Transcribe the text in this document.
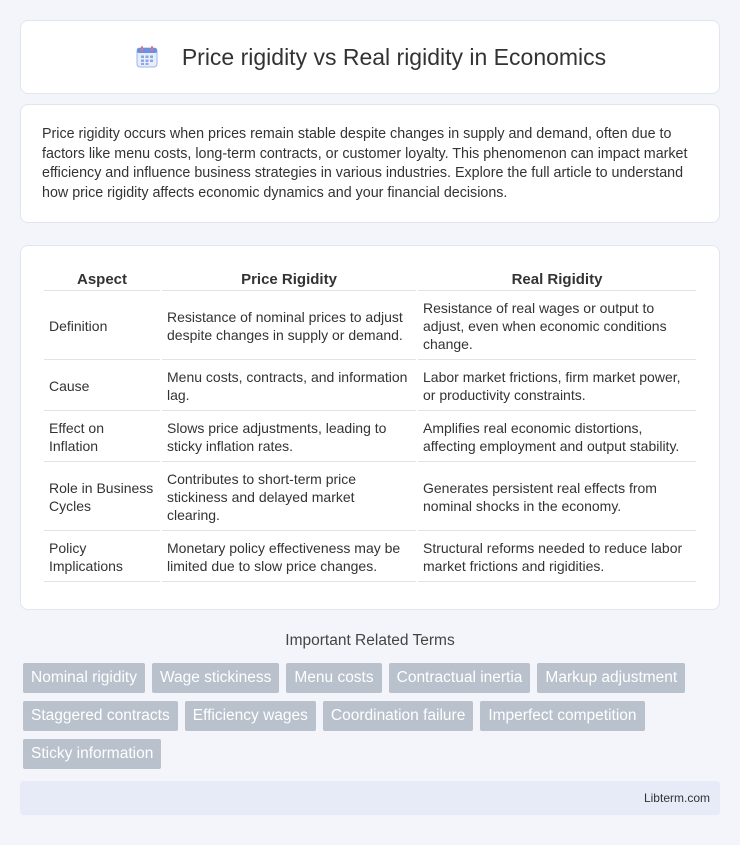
Price rigidity vs Real rigidity in Economics

Price rigidity occurs when prices remain stable despite changes in supply and demand, often due to factors like menu costs, long-term contracts, or customer loyalty. This phenomenon can impact market efficiency and influence business strategies in various industries. Explore the full article to understand how price rigidity affects economic dynamics and your financial decisions.

Aspect	Price Rigidity	Real Rigidity
Definition	Resistance of nominal prices to adjust despite changes in supply or demand.	Resistance of real wages or output to adjust, even when economic conditions change.
Cause	Menu costs, contracts, and information lag.	Labor market frictions, firm market power, or productivity constraints.
Effect on Inflation	Slows price adjustments, leading to sticky inflation rates.	Amplifies real economic distortions, affecting employment and output stability.
Role in Business Cycles	Contributes to short-term price stickiness and delayed market clearing.	Generates persistent real effects from nominal shocks in the economy.
Policy Implications	Monetary policy effectiveness may be limited due to slow price changes.	Structural reforms needed to reduce labor market frictions and rigidities.
Important Related Terms
Nominal rigidity	Wage stickiness	Menu costs	Contractual inertia	Markup adjustment
Staggered contracts	Efficiency wages	Coordination failure	Imperfect competition
Sticky information
Libterm.com
